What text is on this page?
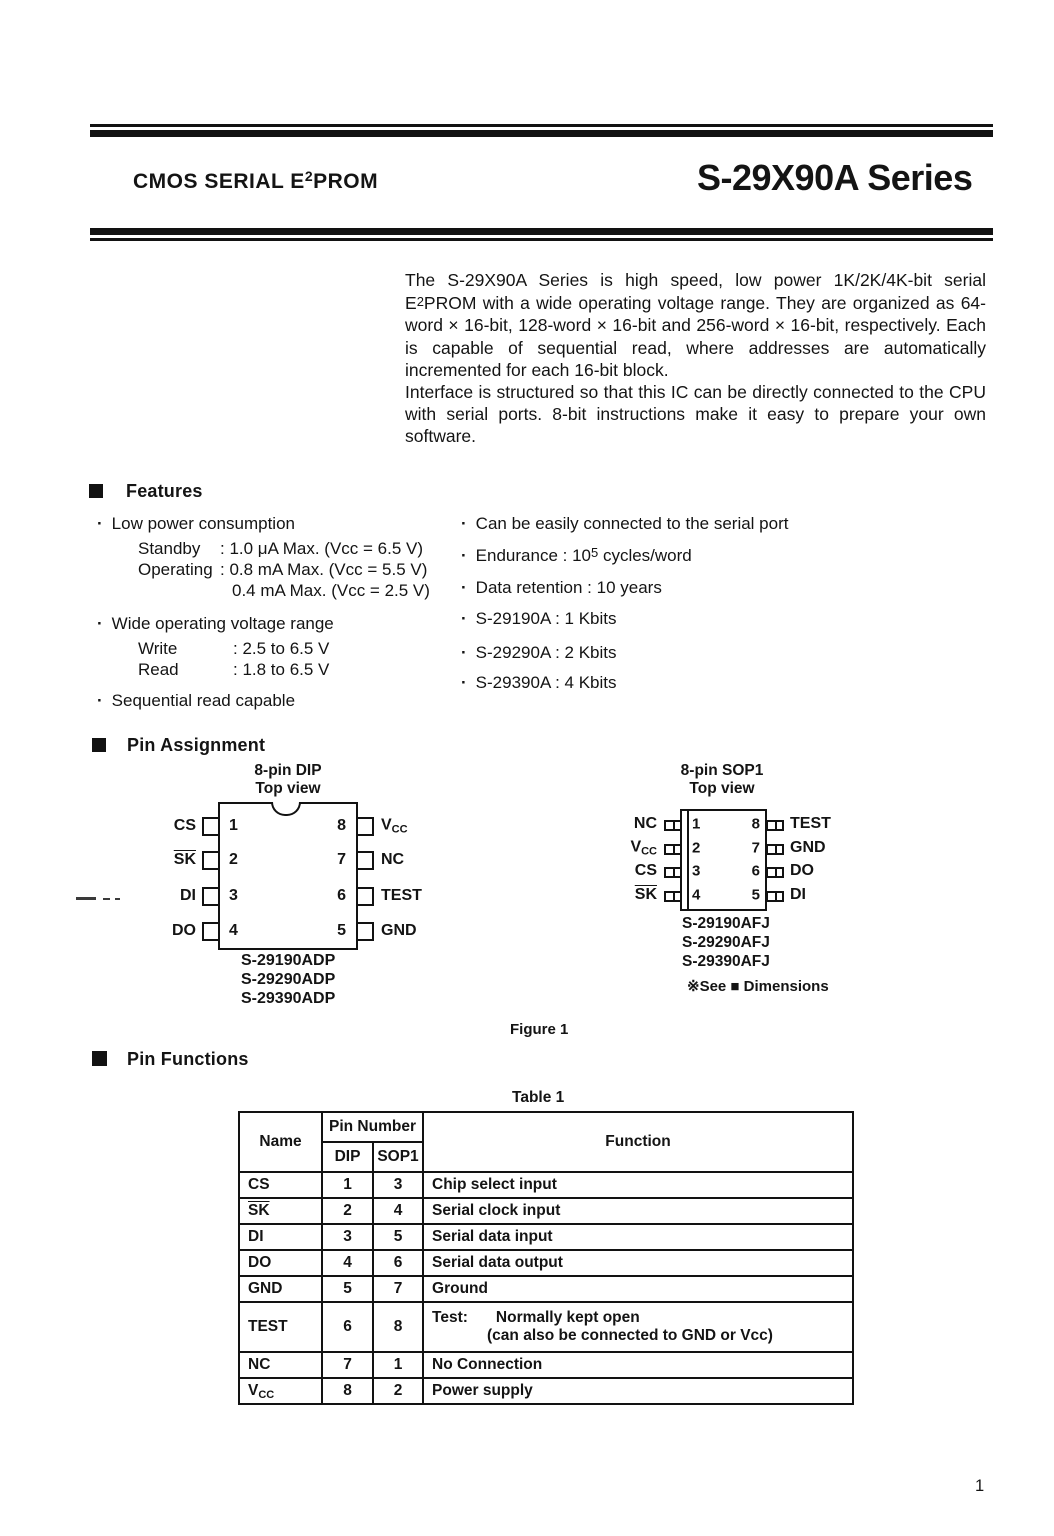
CMOS SERIAL $E^2PROM$	S-29X90A Series

The S-29X90A Series is high speed, low power 1K/2K/4K-bit serial E2PROM with a wide operating voltage range. They are organized as 64-word × 16-bit, 128-word × 16-bit and 256-word × 16-bit, respectively. Each is capable of sequential read, where addresses are automatically incremented for each 16-bit block.

Interface is structured so that this IC can be directly connected to the CPU with serial ports. 8-bit instructions make it easy to prepare your own software.

Features
· Low power consumption
Standby	: 1.0 μA Max. (Vcc = 6.5 V)
Operating : 0.8 mA Max. (Vcc = 5.5 V)
0.4 mA Max. (Vcc = 2.5 V)
· Wide operating voltage range
Write	: 2.5 to 6.5 V
Read	: 1.8 to 6.5 V
· Sequential read capable
· Can be easily connected to the serial port
· Endurance : $10^5$ cycles/word
· Data retention : 10 years
· S-29190A : 1 Kbits
· S-29290A : 2 Kbits
· S-29390A : 4 Kbits
Pin Assignment
8-pin DIP
Top view
CS
$\overline{SK}$
DI
DO
1
2
3
4
8
7
6
5
VCC
NC
TEST
GND
S-29190ADP
S-29290ADP
S-29390ADP
8-pin SOP1
Top view
NC
VCC
CS
$\overline{SK}$
1
2
3
4
8
7
6
5
TEST
GND
DO
DI
S-29190AFJ
S-29290AFJ
S-29390AFJ
※See ■ Dimensions
Figure 1
Pin Functions
Table 1
Name	Pin Number		Function
	DIP	SOP1	
CS	1	3	Chip select input
$\overline{SK}$	2	4	Serial clock input
DI	3	5	Serial data input
DO	4	6	Serial data output
GND	5	7	Ground
TEST	6	8	Test: Normally kept open
(can also be connected to GND or Vcc)

NC	7	1	No Connection
VCC	8	2	Power supply
1
